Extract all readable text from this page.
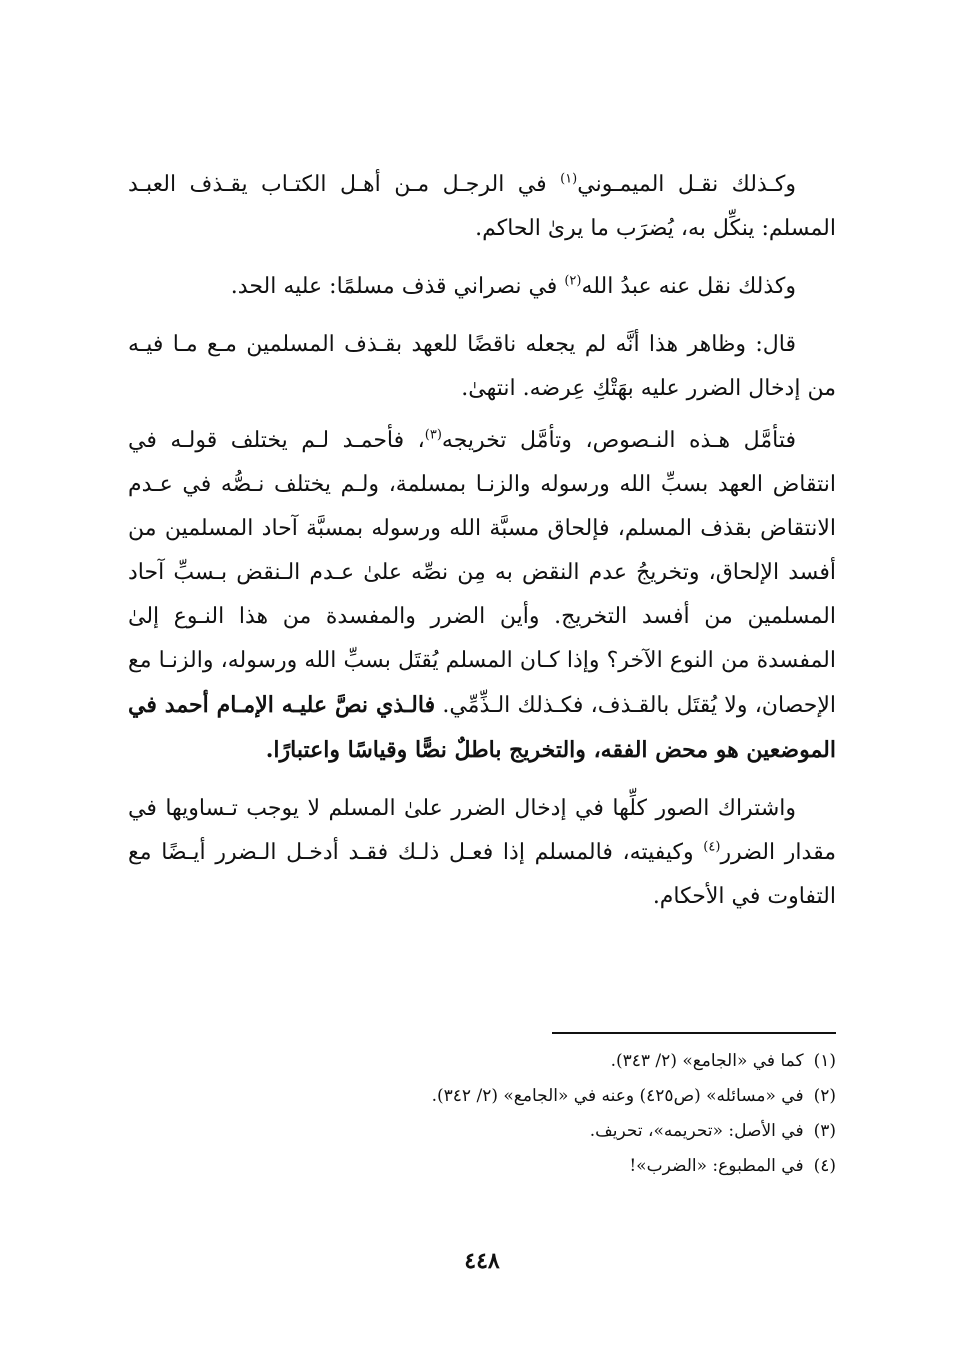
وكـذلك نقـل الميمـوني$^{(١)}$ في الرجـل مـن أهـل الكتـاب يقـذف العبـد المسلم: ينكِّل به، يُضرَب ما يرىٰ الحاكم.

وكذلك نقل عنه عبدُ الله$^{(٢)}$ في نصراني قذف مسلمًا: عليه الحد.

قال: وظاهر هذا أنَّه لم يجعله ناقضًا للعهد بقـذف المسلمين مـع مـا فيـه من إدخال الضرر عليه بهَتْكِ عِرضه. انتهىٰ.

فتأمَّل هـذه النـصوص، وتأمَّل تخريجه$^{(٣)}$، فأحمـد لـم يختلف قولـه في انتقاض العهد بسبِّ الله ورسوله والزنـا بمسلمة، ولـم يختلف نـصُّه في عـدم الانتقاض بقذف المسلم، فإلحاق مسبَّة الله ورسوله بمسبَّة آحاد المسلمين من أفسد الإلحاق، وتخريجُ عدم النقض به مِن نصِّه علىٰ عـدم الـنقض بـسبِّ آحاد المسلمين من أفسد التخريج. وأين الضرر والمفسدة من هذا النـوع إلىٰ المفسدة من النوع الآخر؟ وإذا كـان المسلم يُقتَل بسبِّ الله ورسوله، والزنـا مع الإحصان، ولا يُقتَل بالقـذف، فكـذلك الـذِّمِّي. فالـذي نصَّ عليـه الإمـام أحمد في الموضعين هو محض الفقه، والتخريج باطلٌ نصًّا وقياسًا واعتبارًا.

واشتراك الصور كلِّها في إدخال الضرر علىٰ المسلم لا يوجب تـساويها في مقدار الضرر$^{(٤)}$ وكيفيته، فالمسلم إذا فعـل ذلـك فقـد أدخـل الـضرر أيـضًا مع التفاوت في الأحكام.

(١)كما في «الجامع» (٢/ ٣٤٣).
(٢)في «مسائله» (ص٤٢٥) وعنه في «الجامع» (٢/ ٣٤٢).
(٣)في الأصل: «تحريمه»، تحريف.
(٤)في المطبوع: «الضرب»!
٤٤٨
